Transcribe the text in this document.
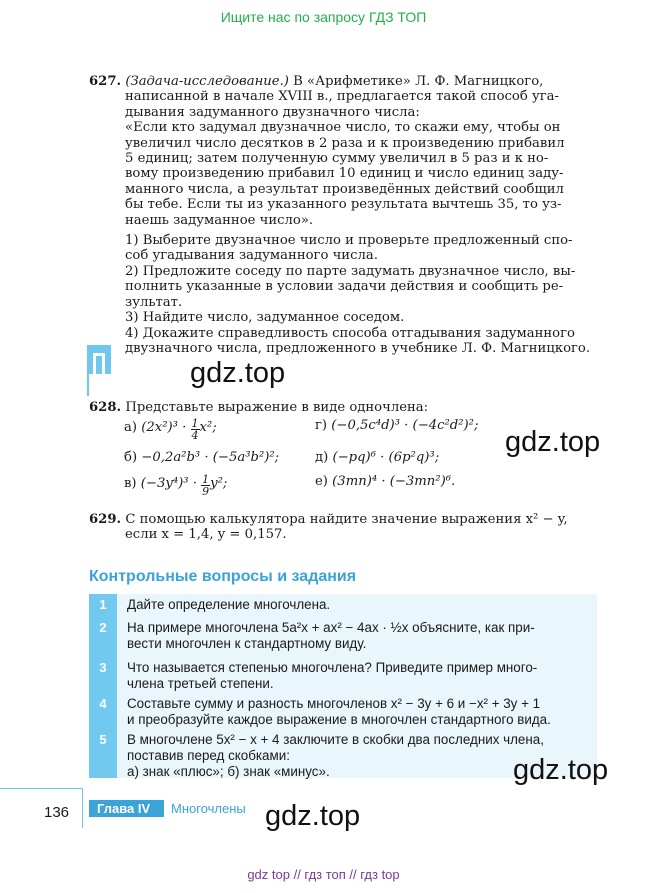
Ищите нас по запросу ГДЗ ТОП
627. (Задача-исследование.) В «Арифметике» Л. Ф. Магницкого,
написанной в начале XVIII в., предлагается такой способ уга-
дывания задуманного двузначного числа:
«Если кто задумал двузначное число, то скажи ему, чтобы он
увеличил число десятков в 2 раза и к произведению прибавил
5 единиц; затем полученную сумму увеличил в 5 раз и к но-
вому произведению прибавил 10 единиц и число единиц заду-
манного числа, а результат произведённых действий сообщил
бы тебе. Если ты из указанного результата вычтешь 35, то уз-
наешь задуманное число».
1) Выберите двузначное число и проверьте предложенный спо-
соб угадывания задуманного числа.
2) Предложите соседу по парте задумать двузначное число, вы-
полнить указанные в условии задачи действия и сообщить ре-
зультат.
3) Найдите число, задуманное соседом.
4) Докажите справедливость способа отгадывания задуманного
двузначного числа, предложенного в учебнике Л. Ф. Магницкого.
gdz.top
628. Представьте выражение в виде одночлена:
а) $(2x^2)^3 \cdot \frac{1}{4} x^2$;
б) −0,2a²b³ · (−5a³b²)²;
в) $(-3y^4)^3 \cdot \frac{1}{9} y^2$;
г) (−0,5c⁴d)³ · (−4c²d²)²;
д) (−pq)⁶ · (6p²q)³;
е) (3mn)⁴ · (−3mn²)⁶.
gdz.top
629. С помощью калькулятора найдите значение выражения x² − y,
если x = 1,4, y = 0,157.
Контрольные вопросы и задания
1	Дайте определение многочлена.
2	На примере многочлена 5a²x + ax² − 4ax · ½x объясните, как при-
вести многочлен к стандартному виду.
3	Что называется степенью многочлена? Приведите пример много-
члена третьей степени.
4	Составьте сумму и разность многочленов x² − 3y + 6 и −x² + 3y + 1
и преобразуйте каждое выражение в многочлен стандартного вида.
5	В многочлене 5x² − x + 4 заключите в скобки два последних члена,
поставив перед скобками:
а) знак «плюс»; б) знак «минус».	gdz.top
136	Глава IV	Многочлены gdz.top
gdz top // гдз топ // гдз top
